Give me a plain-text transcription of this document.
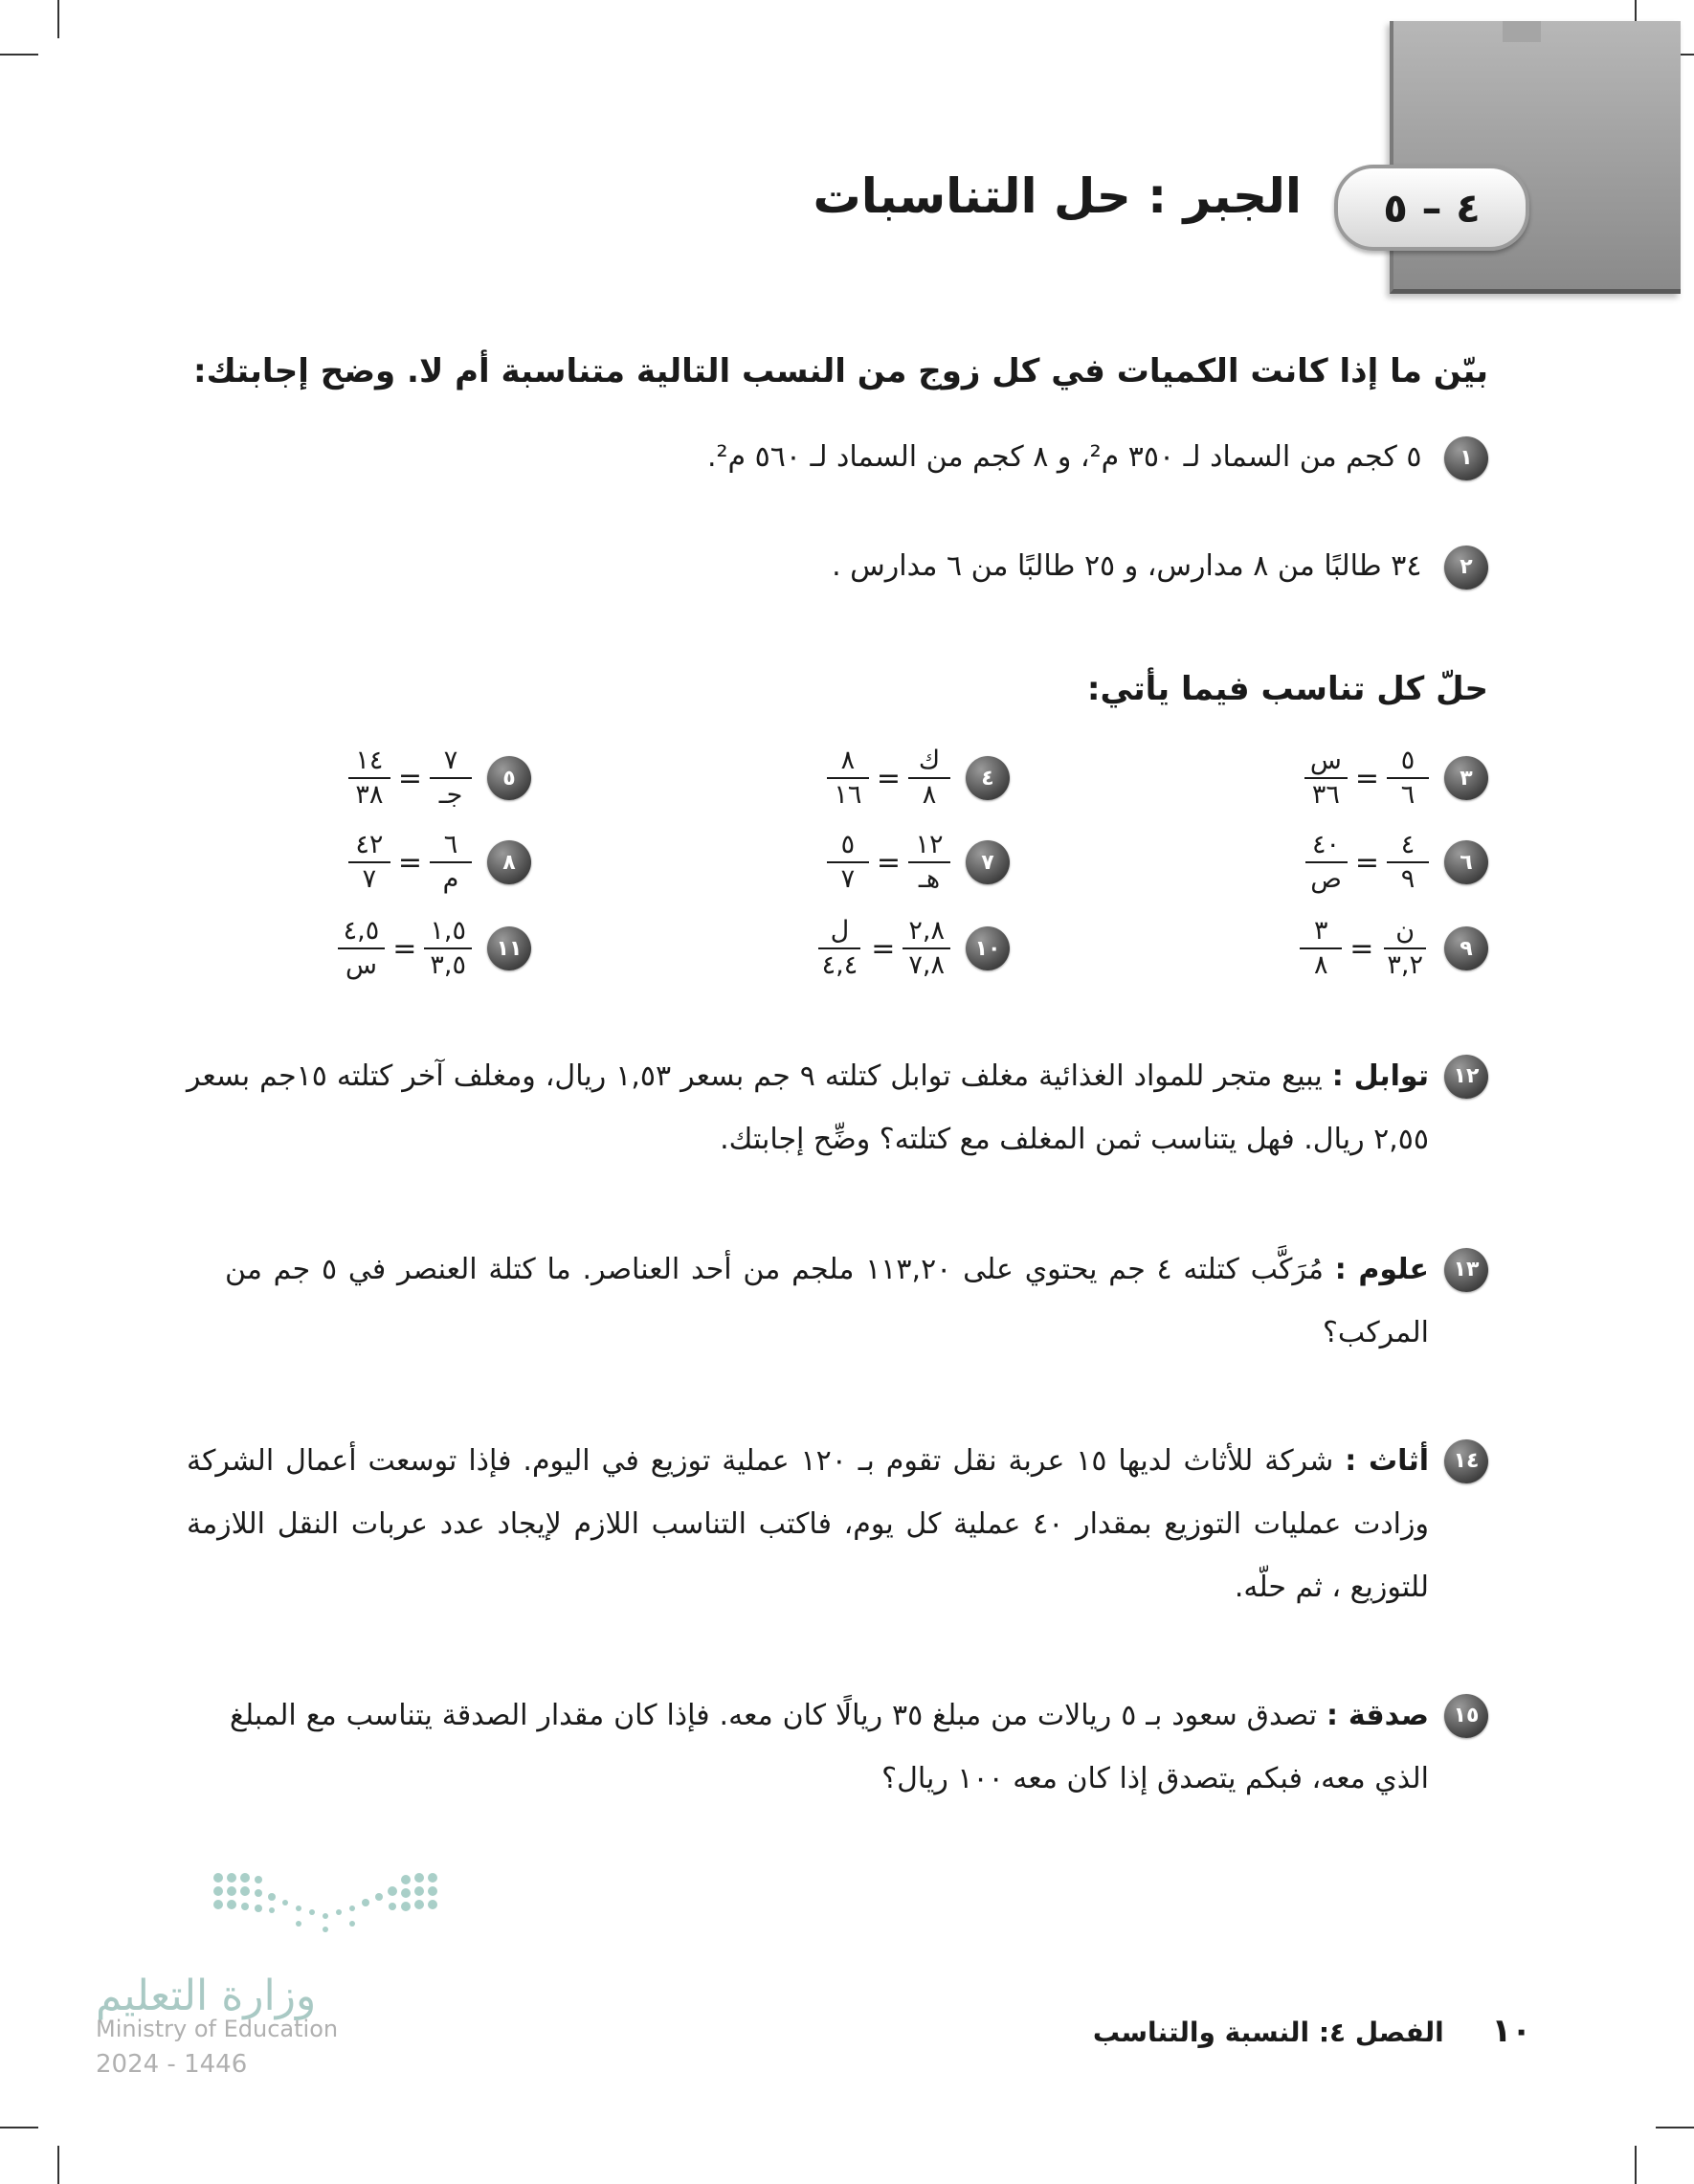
٤ – ٥
الجبر : حل التناسبات
بيّن ما إذا كانت الكميات في كل زوج من النسب التالية متناسبة أم لا. وضح إجابتك:
١ ٥ كجم من السماد لـ ٣٥٠ م²، و ٨ كجم من السماد لـ ٥٦٠ م².
٢ ٣٤ طالبًا من ٨ مدارس، و ٢٥ طالبًا من ٦ مدارس .
حلّ كل تناسب فيما يأتي:
٣
$\frac{٥}{٦}$
=
$\frac{\text{س}}{٣٦}$
٤
$\frac{\text{ك}}{٨}$
=
$\frac{٨}{١٦}$
٥
$\frac{٧}{\text{جـ}}$
=
$\frac{١٤}{٣٨}$
٦
$\frac{٤}{٩}$
=
$\frac{٤٠}{\text{ص}}$
٧
$\frac{١٢}{\text{هـ}}$
=
$\frac{٥}{٧}$
٨
$\frac{٦}{\text{م}}$
=
$\frac{٤٢}{٧}$
٩
$\frac{\text{ن}}{٣,٢}$
=
$\frac{٣}{٨}$
١٠
$\frac{٢,٨}{٧,٨}$
=
$\frac{\text{ل}}{٤,٤}$
١١
$\frac{١,٥}{٣,٥}$
=
$\frac{٤,٥}{\text{س}}$
١٢
توابل : يبيع متجر للمواد الغذائية مغلف توابل كتلته ٩ جم بسعر ١,٥٣ ريال، ومغلف آخر كتلته ١٥جم بسعر ٢,٥٥ ريال. فهل يتناسب ثمن المغلف مع كتلته؟ وضِّح إجابتك.
١٣
علوم : مُرَكَّب كتلته ٤ جم يحتوي على ١١٣,٢٠ ملجم من أحد العناصر. ما كتلة العنصر في ٥ جم من المركب؟
١٤
أثاث : شركة للأثاث لديها ١٥ عربة نقل تقوم بـ ١٢٠ عملية توزيع في اليوم. فإذا توسعت أعمال الشركة وزادت عمليات التوزيع بمقدار ٤٠ عملية كل يوم، فاكتب التناسب اللازم لإيجاد عدد عربات النقل اللازمة للتوزيع ، ثم حلّه.
١٥
صدقة : تصدق سعود بـ ٥ ريالات من مبلغ ٣٥ ريالًا كان معه. فإذا كان مقدار الصدقة يتناسب مع المبلغ الذي معه، فبكم يتصدق إذا كان معه ١٠٠ ريال؟
وزارة التعليم
Ministry of Education
2024 - 1446
١٠ الفصل ٤: النسبة والتناسب
